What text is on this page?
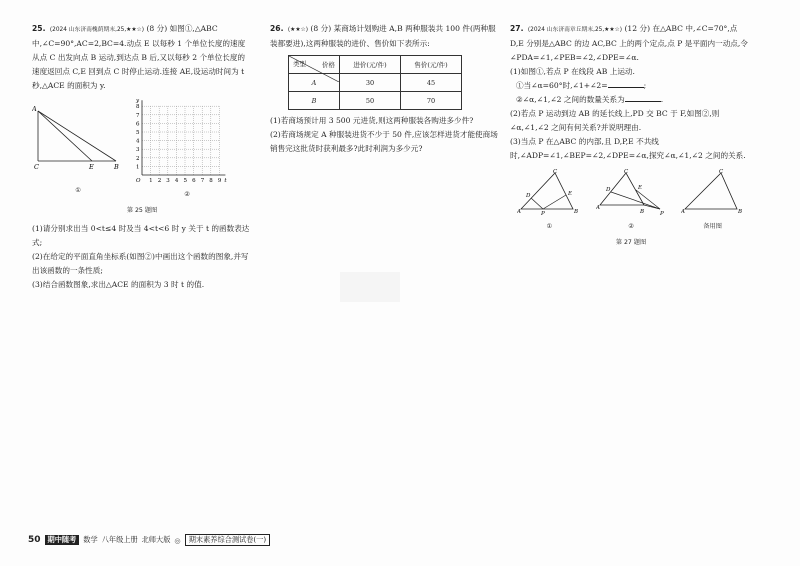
25. (2024 山东济南槐荫期末,25,★★☆) (8 分) 如图①,△ABC 中,∠C=90°,AC=2,BC=4.动点 E 以每秒 1 个单位长度的速度从点 C 出发向点 B 运动,到达点 B 后,又以每秒 2 个单位长度的速度返回点 C,E 回到点 C 时停止运动.连接 AE,设运动时间为 t 秒,△ACE 的面积为 y.

A
C	E	B
①
1
2
3
4
5
6
7
8
1 2 3 4 5 6 7 8 9
O
y
t
②
第 25 题图

(1)请分别求出当 0<t≤4 时及当 4<t<6 时 y 关于 t 的函数表达式;

(2)在给定的平面直角坐标系(如图②)中画出这个函数的图象,并写出该函数的一条性质;

(3)结合函数图象,求出△ACE 的面积为 3 时 t 的值.

26. (★★☆) (8 分) 某商场计划购进 A,B 两种服装共 100 件(两种服装都要进),这两种服装的进价、售价如下表所示:

价格
类型	进价(元/件)	售价(元/件)
A	30	45
B	50	70

(1)若商场预计用 3 500 元进货,则这两种服装各购进多少件?

(2)若商场规定 A 种服装进货不少于 50 件,应该怎样进货才能使商场销售完这批货时获利最多?此时利润为多少元?

27. (2024 山东济南章丘期末,25,★★☆) (12 分) 在△ABC 中,∠C=70°,点 D,E 分别是△ABC 的边 AC,BC 上的两个定点,点 P 是平面内一动点,令∠PDA=∠1,∠PEB=∠2,∠DPE=∠α.

(1)如图①,若点 P 在线段 AB 上运动.

①当∠α=60°时,∠1+∠2=	;

②∠α,∠1,∠2 之间的数量关系为	.

(2)若点 P 运动到边 AB 的延长线上,PD 交 BC 于 F,如图②,则∠α,∠1,∠2 之间有何关系?并说明理由.

(3)当点 P 在△ABC 的内部,且 D,P,E 不共线时,∠ADP=∠1,∠BEP=∠2,∠DPE=∠α,探究∠α,∠1,∠2 之间的关系.

A
C
B
D	E
P
①
A
C
B
D	E
P
②
A
C
B
备用图
第 27 题图
50 期中随考 数学 八年级上册 北师大版 ◎	期末素养综合测试卷(一)
